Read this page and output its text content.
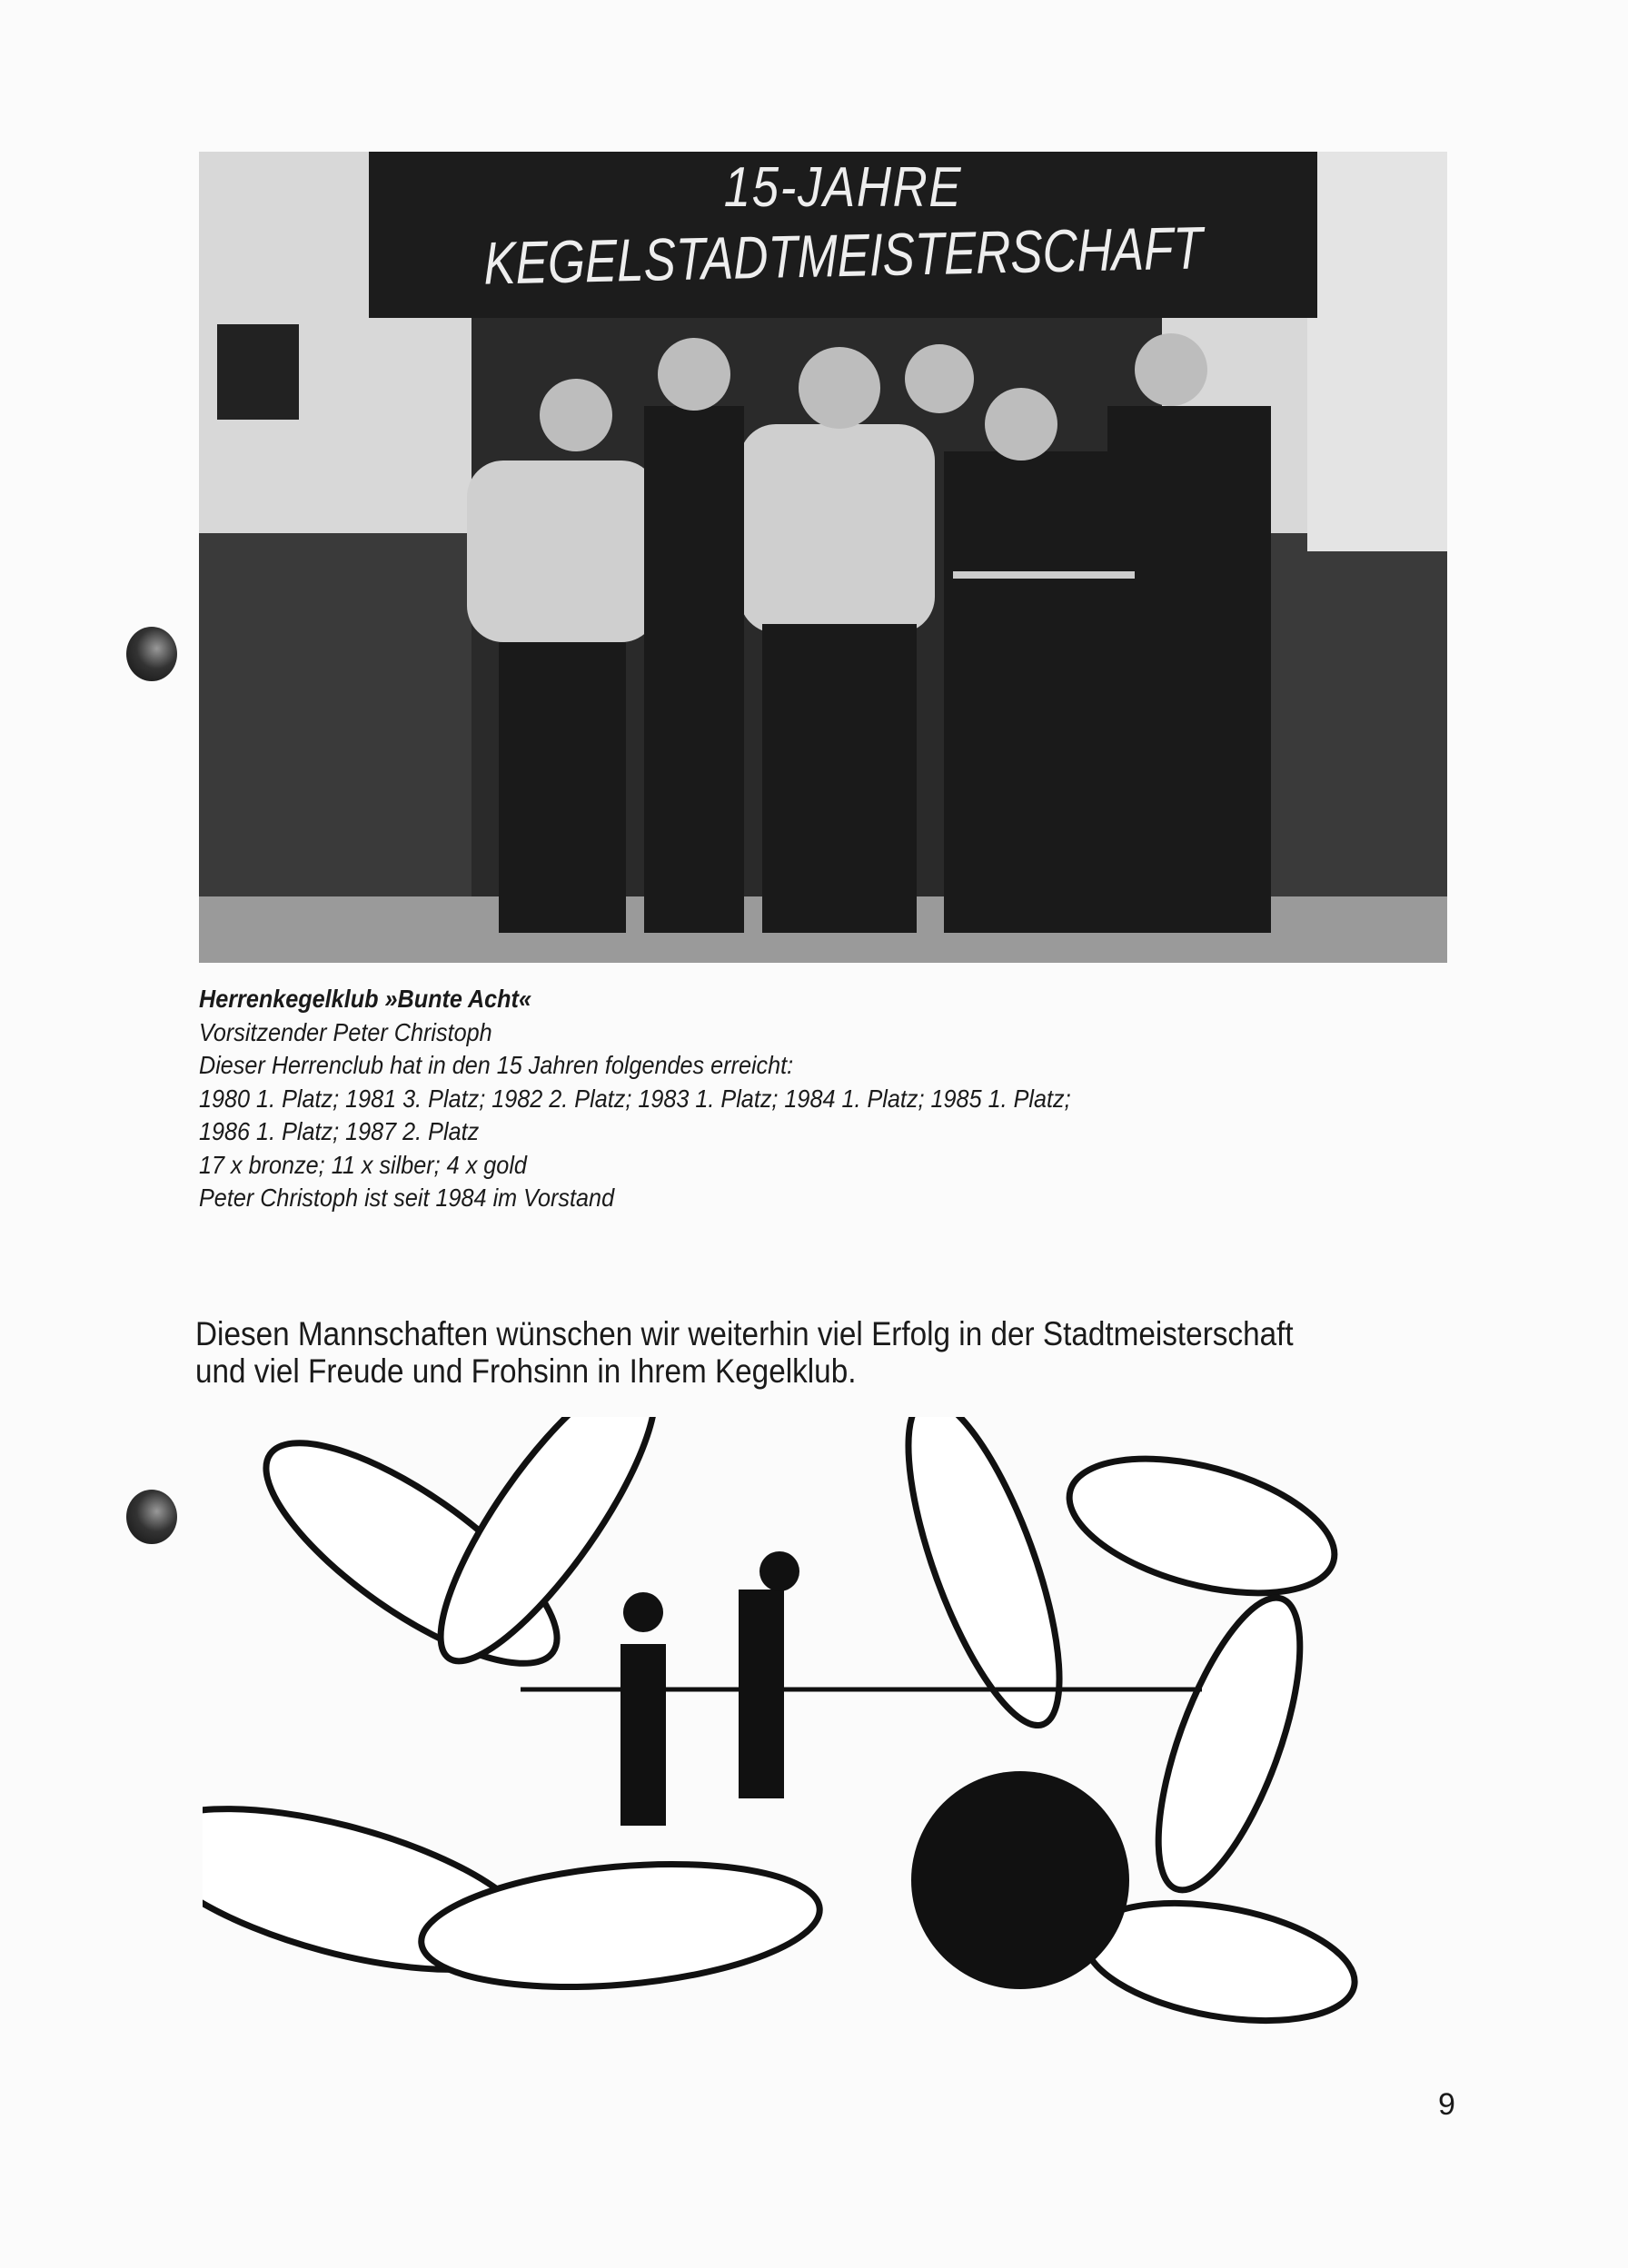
15-JAHRE
KEGELSTADTMEISTERSCHAFT
Herrenkegelklub »Bunte Acht«
Vorsitzender Peter Christoph
Dieser Herrenclub hat in den 15 Jahren folgendes erreicht:
1980 1. Platz; 1981 3. Platz; 1982 2. Platz; 1983 1. Platz; 1984 1. Platz; 1985 1. Platz;
1986 1. Platz; 1987 2. Platz
17 x bronze; 11 x silber; 4 x gold
Peter Christoph ist seit 1984 im Vorstand
Diesen Mannschaften wünschen wir weiterhin viel Erfolg in der Stadtmeisterschaft
und viel Freude und Frohsinn in Ihrem Kegelklub.
9
